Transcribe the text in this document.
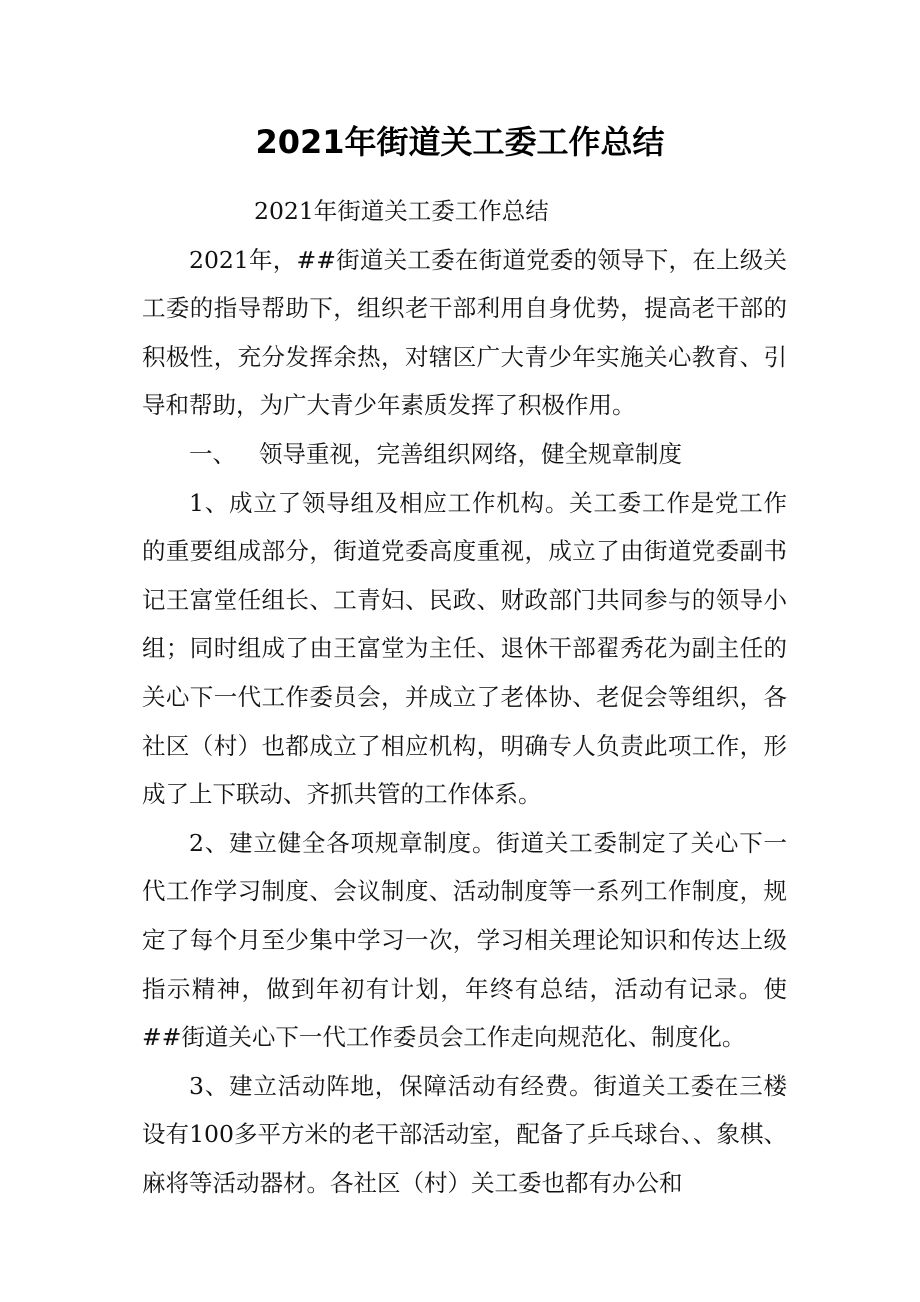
2021年街道关工委工作总结

2021年街道关工委工作总结

2021年，##街道关工委在街道党委的领导下，在上级关工委的指导帮助下，组织老干部利用自身优势，提高老干部的积极性，充分发挥余热，对辖区广大青少年实施关心教育、引导和帮助，为广大青少年素质发挥了积极作用。

一、 领导重视，完善组织网络，健全规章制度

1、成立了领导组及相应工作机构。关工委工作是党工作的重要组成部分，街道党委高度重视，成立了由街道党委副书记王富堂任组长、工青妇、民政、财政部门共同参与的领导小组；同时组成了由王富堂为主任、退休干部翟秀花为副主任的关心下一代工作委员会，并成立了老体协、老促会等组织，各社区（村）也都成立了相应机构，明确专人负责此项工作，形成了上下联动、齐抓共管的工作体系。

2、建立健全各项规章制度。街道关工委制定了关心下一代工作学习制度、会议制度、活动制度等一系列工作制度，规定了每个月至少集中学习一次，学习相关理论知识和传达上级指示精神，做到年初有计划，年终有总结，活动有记录。使##街道关心下一代工作委员会工作走向规范化、制度化。

3、建立活动阵地，保障活动有经费。街道关工委在三楼设有100多平方米的老干部活动室，配备了乒乓球台、、象棋、麻将等活动器材。各社区（村）关工委也都有办公和
